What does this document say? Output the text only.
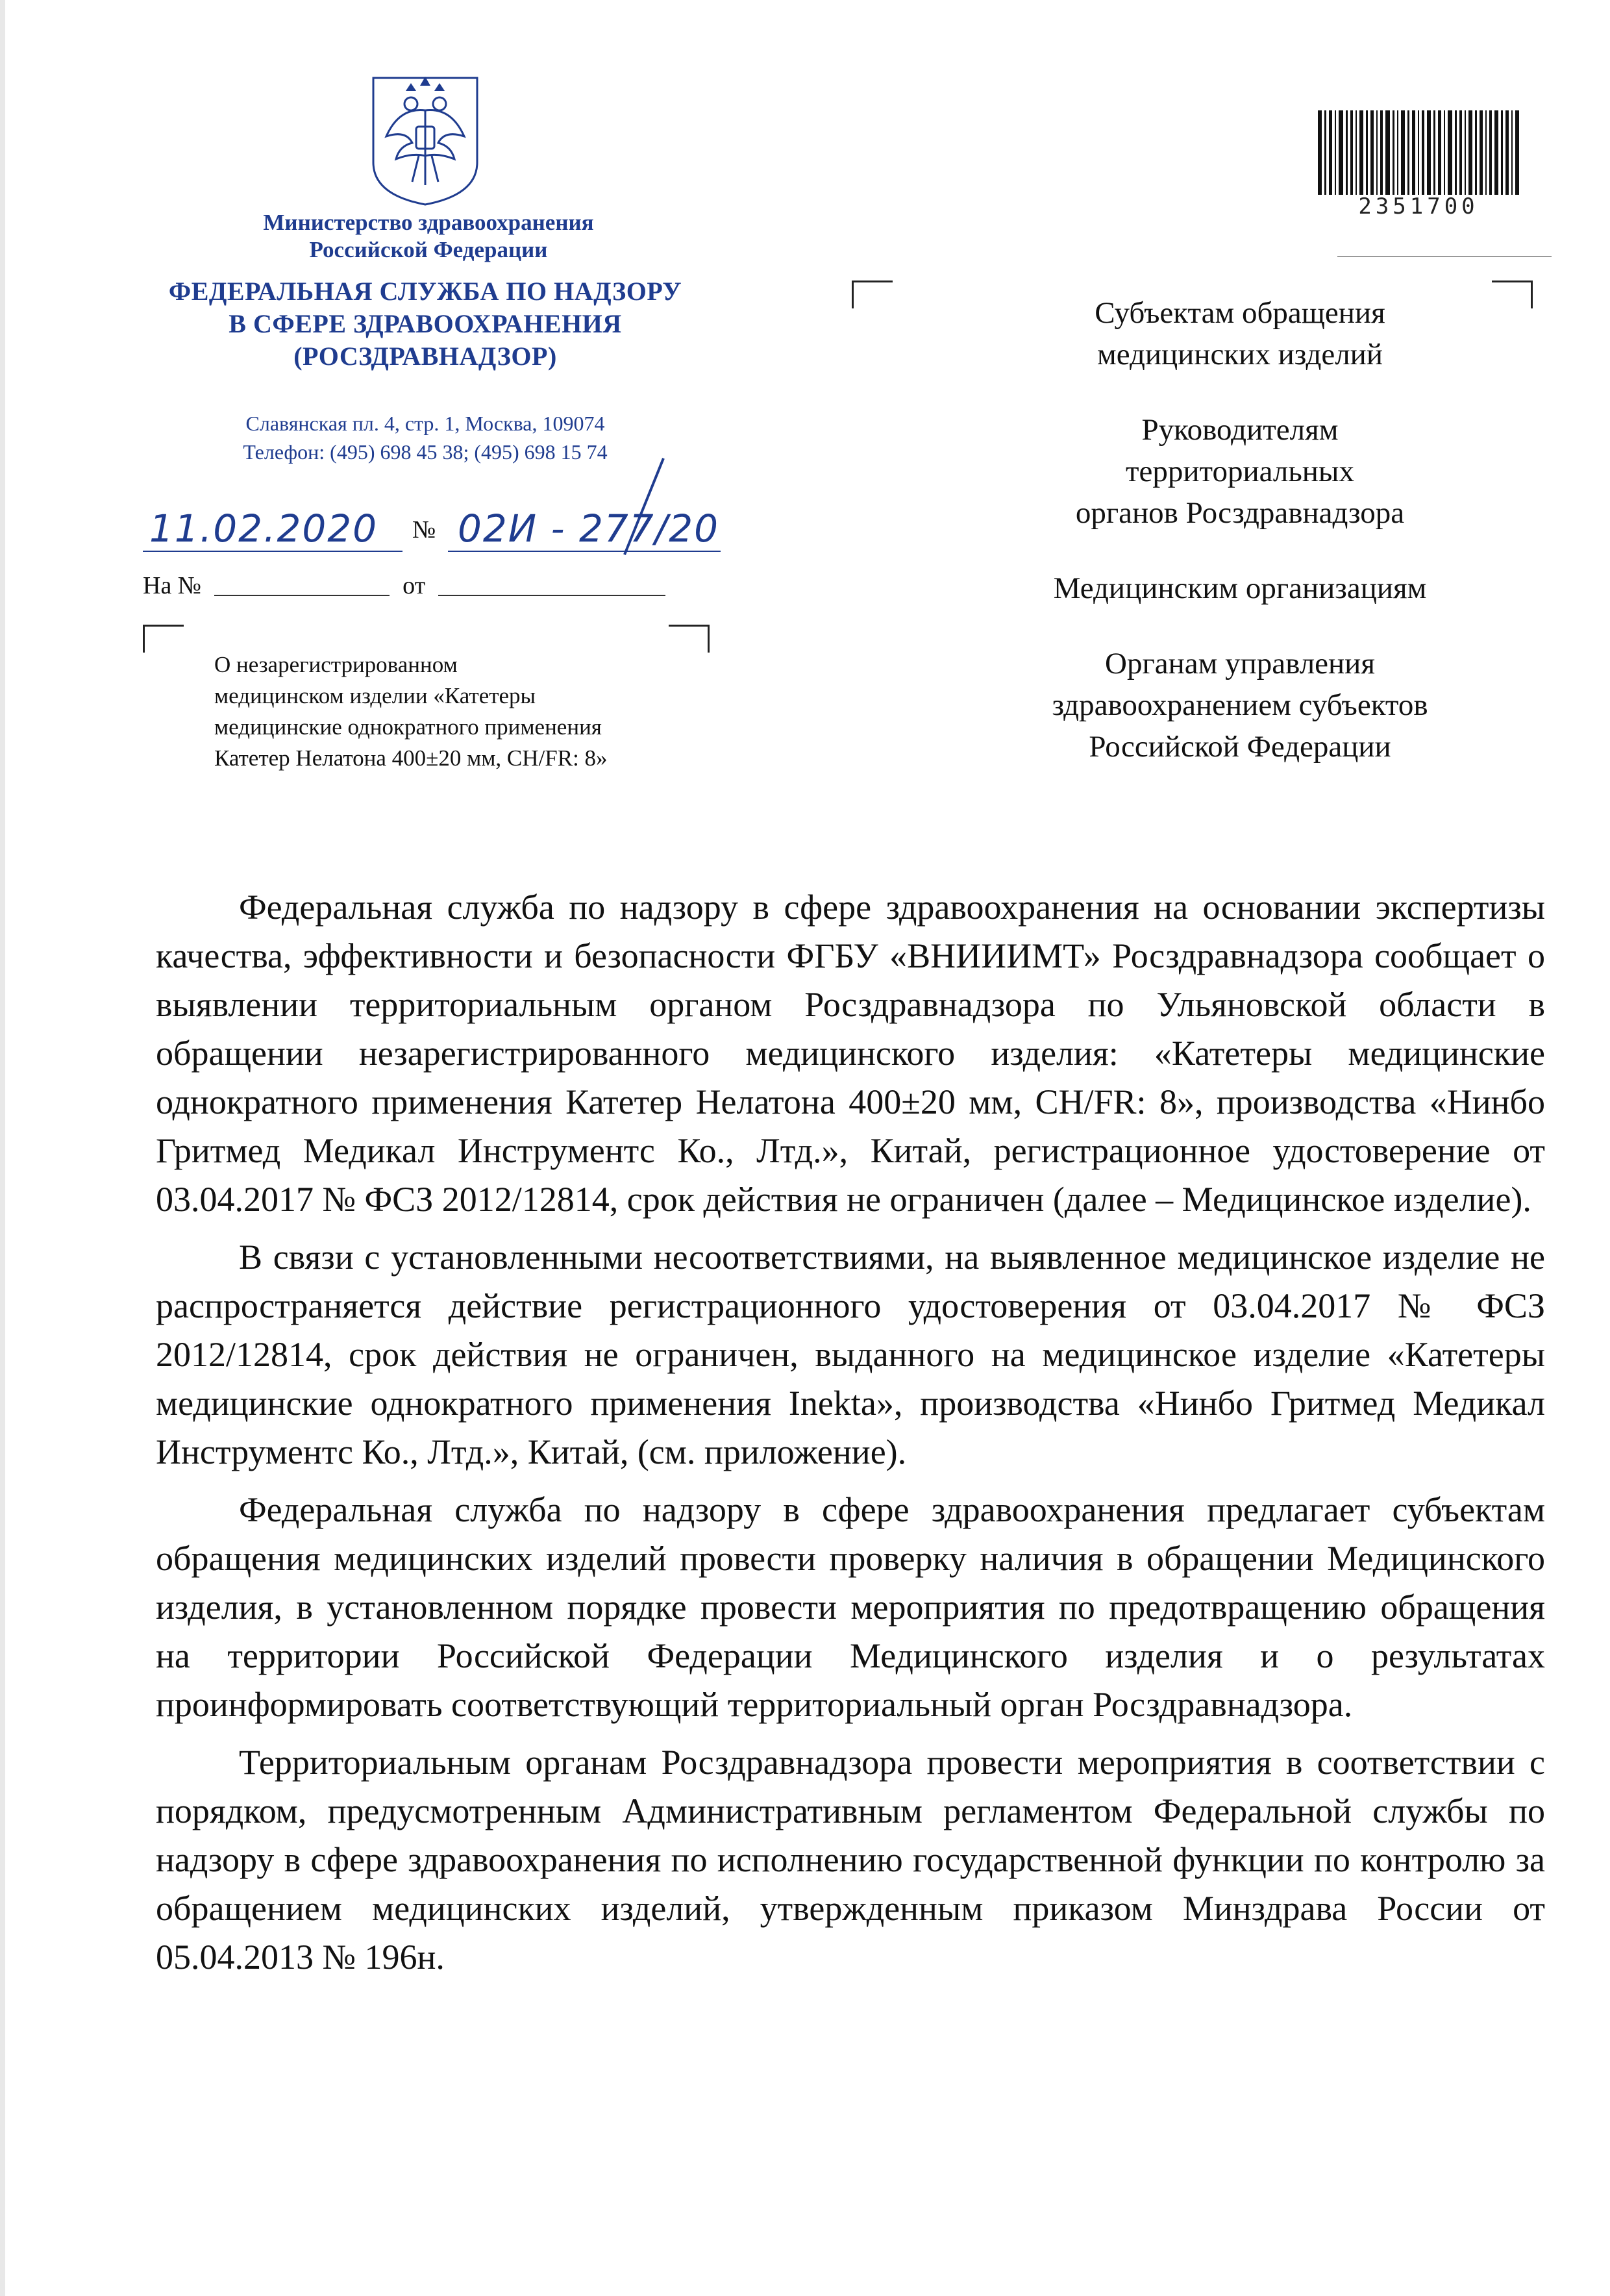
Министерство здравоохранения
Российской Федерации
ФЕДЕРАЛЬНАЯ СЛУЖБА ПО НАДЗОРУ
В СФЕРЕ ЗДРАВООХРАНЕНИЯ
(РОСЗДРАВНАДЗОР)
Славянская пл. 4, стр. 1, Москва, 109074
Телефон: (495) 698 45 38; (495) 698 15 74
11.02.2020 № 02И - 277/20
На №	от
О незарегистрированном
медицинском изделии «Катетеры
медицинские однократного применения
Катетер Нелатона 400±20 мм, CH/FR: 8»
2351700
Субъектам обращения
медицинских изделий
Руководителям
территориальных
органов Росздравнадзора
Медицинским организациям
Органам управления
здравоохранением субъектов
Российской Федерации

Федеральная служба по надзору в сфере здравоохранения на основании экспертизы качества, эффективности и безопасности ФГБУ «ВНИИИМТ» Росздравнадзора сообщает о выявлении территориальным органом Росздравнадзора по Ульяновской области в обращении незарегистрированного медицинского изделия: «Катетеры медицинские однократного применения Катетер Нелатона 400±20 мм, CH/FR: 8», производства «Нинбо Гритмед Медикал Инструментс Ко., Лтд.», Китай, регистрационное удостоверение от 03.04.2017 № ФСЗ 2012/12814, срок действия не ограничен (далее – Медицинское изделие).

В связи с установленными несоответствиями, на выявленное медицинское изделие не распространяется действие регистрационного удостоверения от 03.04.2017 № ФСЗ 2012/12814, срок действия не ограничен, выданного на медицинское изделие «Катетеры медицинские однократного применения Inekta», производства «Нинбо Гритмед Медикал Инструментс Ко., Лтд.», Китай, (см. приложение).

Федеральная служба по надзору в сфере здравоохранения предлагает субъектам обращения медицинских изделий провести проверку наличия в обращении Медицинского изделия, в установленном порядке провести мероприятия по предотвращению обращения на территории Российской Федерации Медицинского изделия и о результатах проинформировать соответствующий территориальный орган Росздравнадзора.

Территориальным органам Росздравнадзора провести мероприятия в соответствии с порядком, предусмотренным Административным регламентом Федеральной службы по надзору в сфере здравоохранения по исполнению государственной функции по контролю за обращением медицинских изделий, утвержденным приказом Минздрава России от 05.04.2013 № 196н.
